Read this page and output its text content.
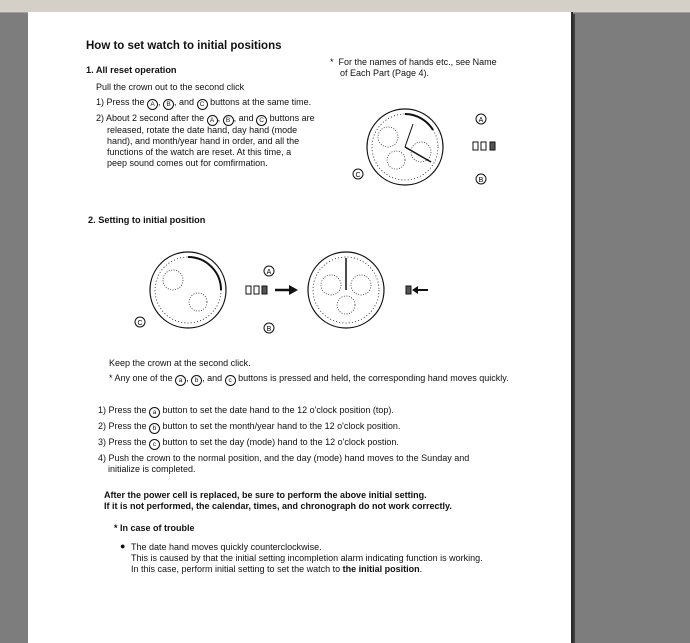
How to set watch to initial positions

1. All reset operation

*  For the names of hands etc., see Name
of Each Part (Page 4).

Pull the crown out to the second click

1) Press the A , B , and C buttons at the same time.

2) About 2 second after the A , B , and C buttons are

released, rotate the date hand, day hand (mode
hand), and month/year hand in order, and all the
functions of the watch are reset. At this time, a
peep sound comes out for comfirmation.

A
B
C

2. Setting to initial position

A
B
C

Keep the crown at the second click.

* Any one of the a , b , and c buttons is pressed and held, the corresponding hand moves quickly.

1) Press the a button to set the date hand to the 12 o'clock position (top).

2) Press the b button to set the month/year hand to the 12 o'clock position.

3) Press the c button to set the day (mode) hand to the 12 o'clock postion.

4) Push the crown to the normal position, and the day (mode) hand moves to the Sunday and
initialize is completed.

After the power cell is replaced, be sure to perform the above initial setting.

If it is not performed, the calendar, times, and chronograph do not work correctly.

* In case of trouble

● The date hand moves quickly counterclockwise.

This is caused by that the initial setting incompletion alarm indicating function is working.

In this case, perform initial setting to set the watch to the initial position.
